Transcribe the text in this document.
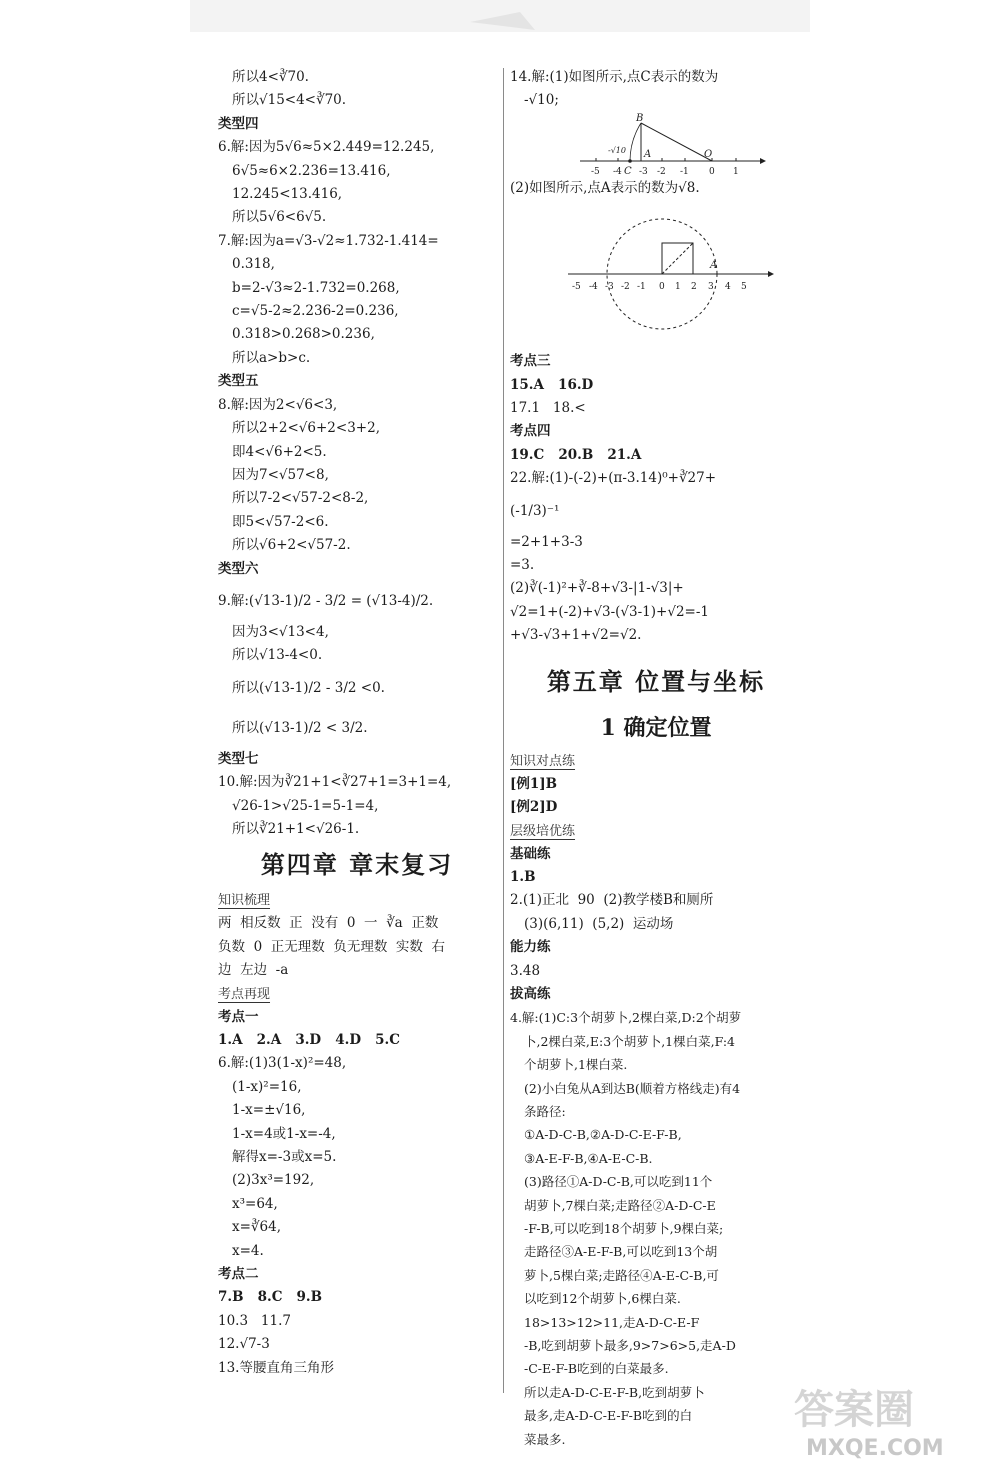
所以4<∛70.
所以√15<4<∛70.
类型四
6.解:因为5√6≈5×2.449=12.245,
6√5≈6×2.236=13.416,
12.245<13.416,
所以5√6<6√5.
7.解:因为a=√3-√2≈1.732-1.414=
0.318,
b=2-√3≈2-1.732=0.268,
c=√5-2≈2.236-2=0.236,
0.318>0.268>0.236,
所以a>b>c.
类型五
8.解:因为2<√6<3,
所以2+2<√6+2<3+2,
即4<√6+2<5.
因为7<√57<8,
所以7-2<√57-2<8-2,
即5<√57-2<6.
所以√6+2<√57-2.
类型六
9.解:(√13-1)/2 - 3/2 = (√13-4)/2.
因为3<√13<4,
所以√13-4<0.
所以(√13-1)/2 - 3/2 <0.
所以(√13-1)/2 < 3/2.
类型七
10.解:因为∛21+1<∛27+1=3+1=4,
√26-1>√25-1=5-1=4,
所以∛21+1<√26-1.
第四章 章末复习
知识梳理
两  相反数  正  没有  0  一  ∛a  正数
负数  0  正无理数  负无理数  实数  右
边  左边  -a
考点再现
考点一
1.A   2.A   3.D   4.D   5.C
6.解:(1)3(1-x)²=48,
(1-x)²=16,
1-x=±√16,
1-x=4或1-x=-4,
解得x=-3或x=5.
(2)3x³=192,
x³=64,
x=∛64,
x=4.
考点二
7.B   8.C   9.B
10.3   11.7
12.√7-3
13.等腰直角三角形
14.解:(1)如图所示,点C表示的数为
-√10;
-5 -4 -3 -2 -1 0 1
B
A
C
O
-√10
(2)如图所示,点A表示的数为√8.
-5 -4 -3 -2 -1 0 1 2 3 4 5
A
考点三
15.A   16.D
17.1   18.<
考点四
19.C   20.B   21.A
22.解:(1)-(-2)+(π-3.14)⁰+∛27+
(-1/3)⁻¹
=2+1+3-3
=3.
(2)∛(-1)²+∛-8+√3-|1-√3|+
√2=1+(-2)+√3-(√3-1)+√2=-1
+√3-√3+1+√2=√2.
第五章 位置与坐标
1 确定位置
知识对点练
[例1]B
[例2]D
层级培优练
基础练
1.B
2.(1)正北  90  (2)教学楼B和厕所
(3)(6,11)  (5,2)  运动场
能力练
3.48
拔高练
4.解:(1)C:3个胡萝卜,2棵白菜,D:2个胡萝
卜,2棵白菜,E:3个胡萝卜,1棵白菜,F:4
个胡萝卜,1棵白菜.
(2)小白兔从A到达B(顺着方格线走)有4
条路径:
①A-D-C-B,②A-D-C-E-F-B,
③A-E-F-B,④A-E-C-B.
(3)路径①A-D-C-B,可以吃到11个
胡萝卜,7棵白菜;走路径②A-D-C-E
-F-B,可以吃到18个胡萝卜,9棵白菜;
走路径③A-E-F-B,可以吃到13个胡
萝卜,5棵白菜;走路径④A-E-C-B,可
以吃到12个胡萝卜,6棵白菜.
18>13>12>11,走A-D-C-E-F
-B,吃到胡萝卜最多,9>7>6>5,走A-D
-C-E-F-B吃到的白菜最多.
所以走A-D-C-E-F-B,吃到胡萝卜
最多,走A-D-C-E-F-B吃到的白
菜最多.
答案圈
MXQE.COM
